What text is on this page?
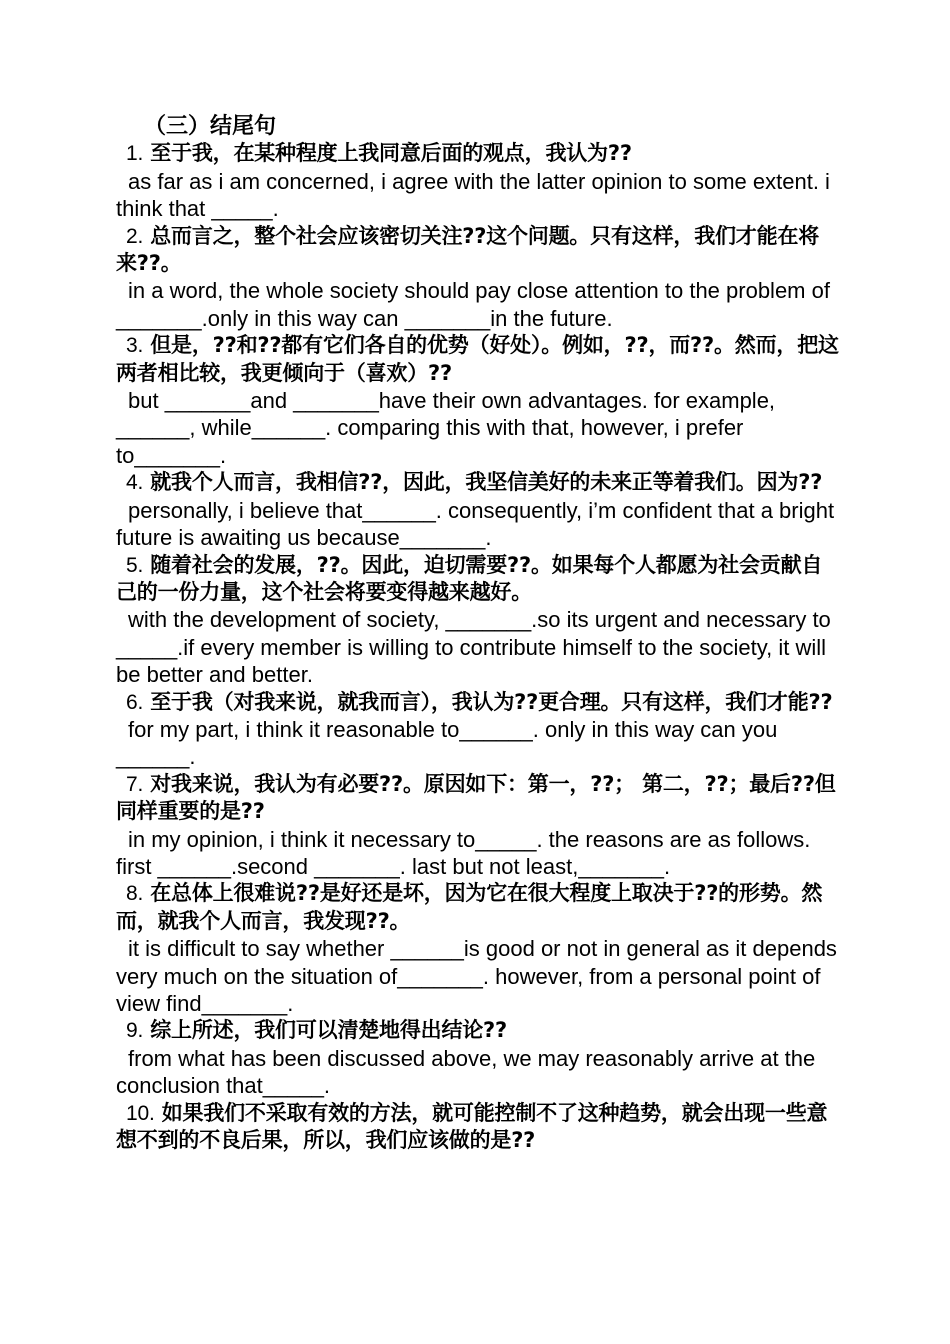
（三）结尾句
1. 至于我，在某种程度上我同意后面的观点，我认为??
as far as i am concerned, i agree with the latter opinion to some extent. i think that _____.
2. 总而言之，整个社会应该密切关注??这个问题。只有这样，我们才能在将来??。
in a word, the whole society should pay close attention to the problem of _______.only in this way can _______in the future.
3. 但是，??和??都有它们各自的优势（好处）。例如，??，而??。然而，把这两者相比较，我更倾向于（喜欢）??
but _______and _______have their own advantages. for example, ______, while______. comparing this with that, however, i prefer to_______.
4. 就我个人而言，我相信??，因此，我坚信美好的未来正等着我们。因为??
personally, i believe that______. consequently, i’m confident that a bright future is awaiting us because_______.
5. 随着社会的发展，??。因此，迫切需要??。如果每个人都愿为社会贡献自己的一份力量，这个社会将要变得越来越好。
with the development of society, _______.so its urgent and necessary to _____.if every member is willing to contribute himself to the society, it will be better and better.
6. 至于我（对我来说，就我而言），我认为??更合理。只有这样，我们才能??
for my part, i think it reasonable to______. only in this way can you ______.
7. 对我来说，我认为有必要??。原因如下：第一，??； 第二，??；最后??但同样重要的是??
in my opinion, i think it necessary to_____. the reasons are as follows. first ______.second _______. last but not least,_______.
8. 在总体上很难说??是好还是坏，因为它在很大程度上取决于??的形势。然而，就我个人而言，我发现??。
it is difficult to say whether ______is good or not in general as it depends very much on the situation of_______. however, from a personal point of view find_______.
9. 综上所述，我们可以清楚地得出结论??
from what has been discussed above, we may reasonably arrive at the conclusion that_____.
10. 如果我们不采取有效的方法，就可能控制不了这种趋势，就会出现一些意想不到的不良后果，所以，我们应该做的是??
